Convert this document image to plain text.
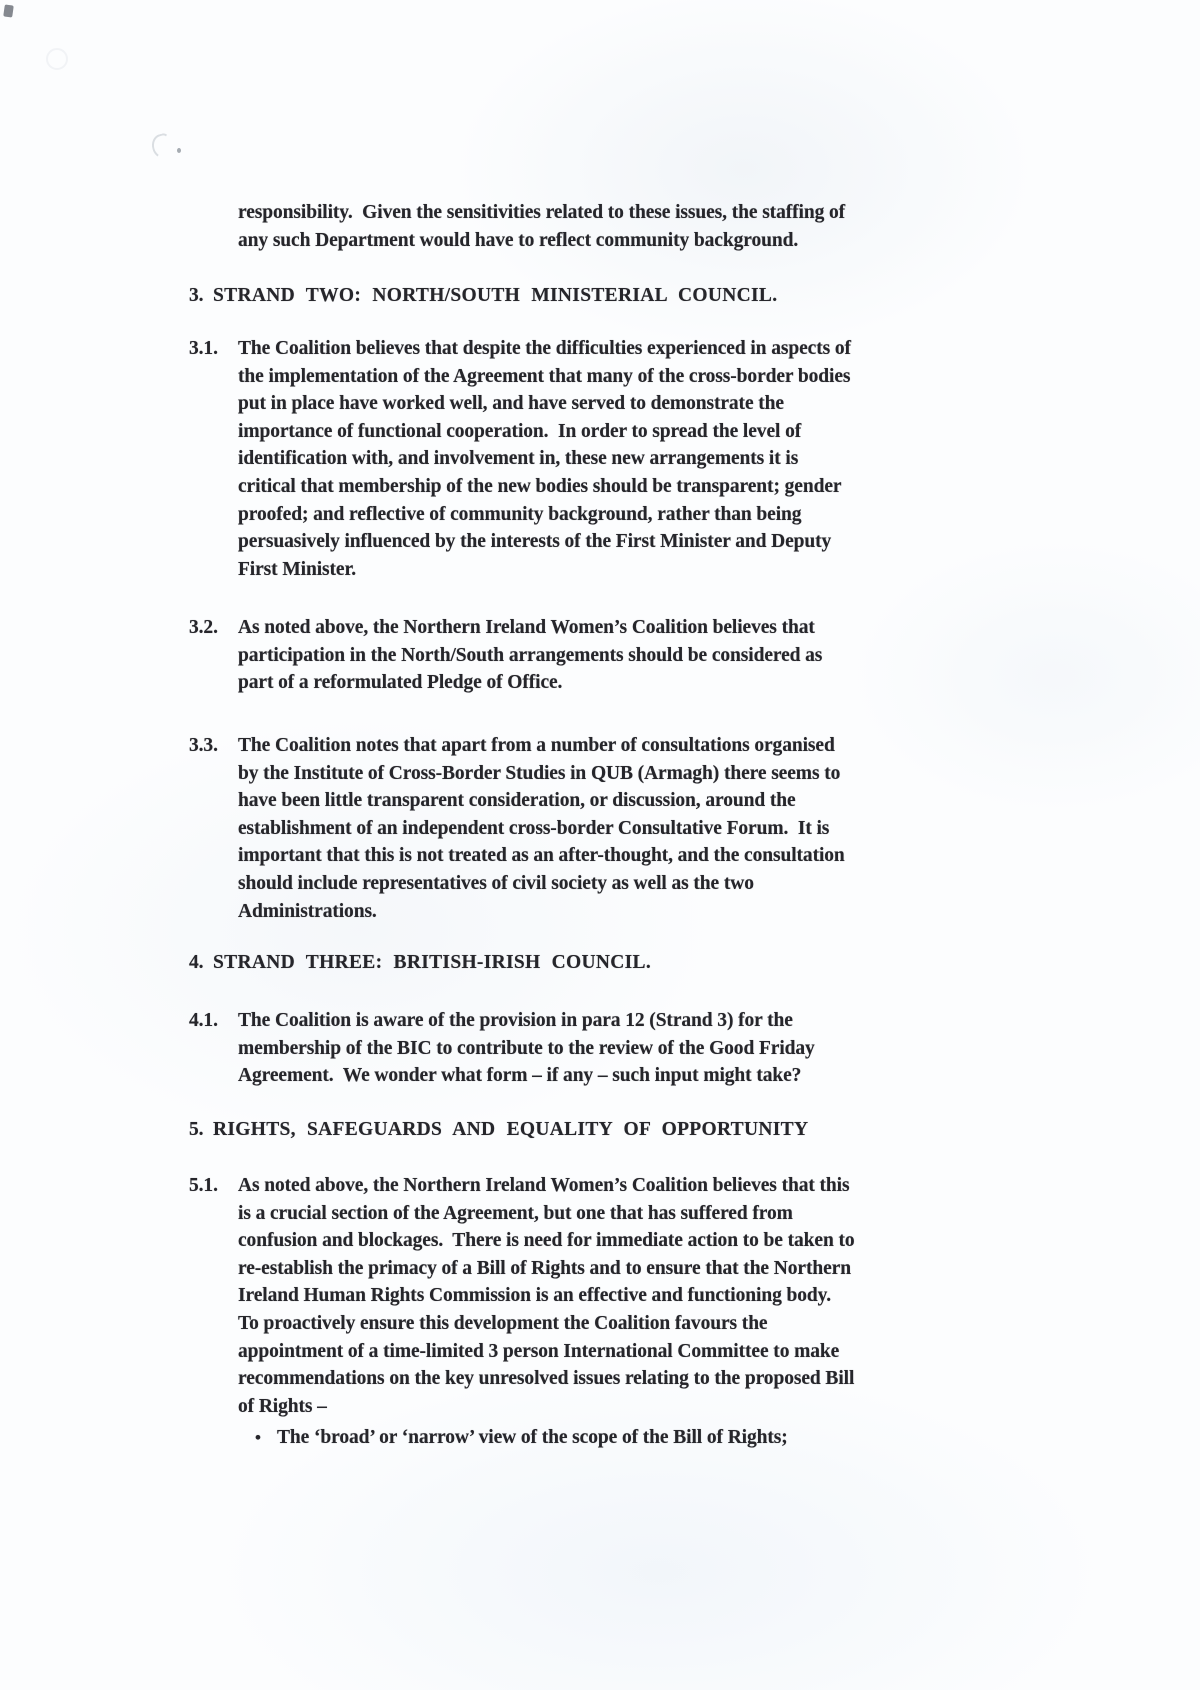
responsibility.  Given the sensitivities related to these issues, the staffing of
any such Department would have to reflect community background.
3. STRAND TWO: NORTH/SOUTH MINISTERIAL COUNCIL.
3.1.	The Coalition believes that despite the difficulties experienced in aspects of
the implementation of the Agreement that many of the cross-border bodies
put in place have worked well, and have served to demonstrate the
importance of functional cooperation.  In order to spread the level of
identification with, and involvement in, these new arrangements it is
critical that membership of the new bodies should be transparent; gender
proofed; and reflective of community background, rather than being
persuasively influenced by the interests of the First Minister and Deputy
First Minister.
3.2.	As noted above, the Northern Ireland Women’s Coalition believes that
participation in the North/South arrangements should be considered as
part of a reformulated Pledge of Office.
3.3.	The Coalition notes that apart from a number of consultations organised
by the Institute of Cross-Border Studies in QUB (Armagh) there seems to
have been little transparent consideration, or discussion, around the
establishment of an independent cross-border Consultative Forum.  It is
important that this is not treated as an after-thought, and the consultation
should include representatives of civil society as well as the two
Administrations.
4. STRAND THREE: BRITISH-IRISH COUNCIL.
4.1.	The Coalition is aware of the provision in para 12 (Strand 3) for the
membership of the BIC to contribute to the review of the Good Friday
Agreement.  We wonder what form – if any – such input might take?
5. RIGHTS, SAFEGUARDS AND EQUALITY OF OPPORTUNITY
5.1.	As noted above, the Northern Ireland Women’s Coalition believes that this
is a crucial section of the Agreement, but one that has suffered from
confusion and blockages.  There is need for immediate action to be taken to
re-establish the primacy of a Bill of Rights and to ensure that the Northern
Ireland Human Rights Commission is an effective and functioning body.
To proactively ensure this development the Coalition favours the
appointment of a time-limited 3 person International Committee to make
recommendations on the key unresolved issues relating to the proposed Bill
of Rights –
• The ‘broad’ or ‘narrow’ view of the scope of the Bill of Rights;
